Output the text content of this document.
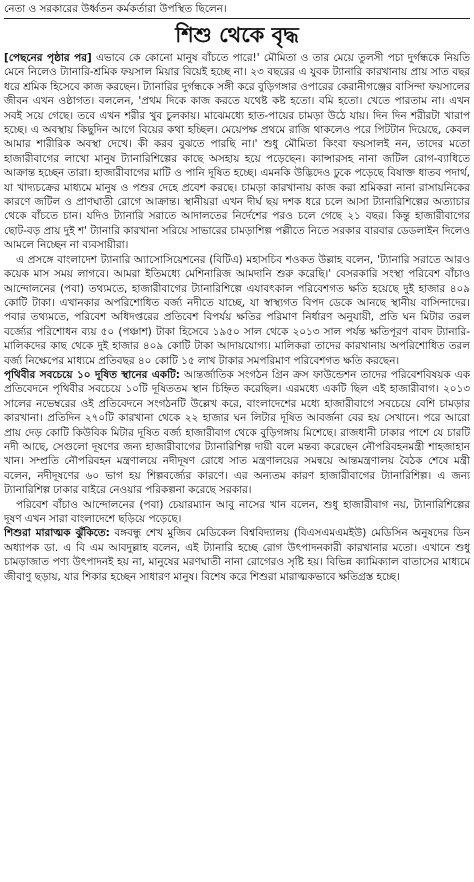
নেতা ও সরকারের উর্ধ্বতন কর্মকর্তারা উপস্থিত ছিলেন।

শিশু থেকে বৃদ্ধ

[পেছনের পৃষ্ঠার পর] এভাবে কে কোনো মানুষ বাঁচতে পারে!' মৌমিতা ও তার মেয়ে তুলসী পচা দুর্গন্ধকে নিয়তি মেনে নিলেও ট্যানারি-শ্রমিক ফয়সাল মিয়ার বিয়েই হচ্ছে না। ২৩ বছরের এ যুবক ট্যানারি কারখানায় প্রায় সাত বছর ধরে শ্রমিক হিসেবে কাজ করছেন। ট্যানারির দুর্গন্ধকে সঙ্গী করে বুড়িগঙ্গার ওপারের কেরানীগঞ্জের বাসিন্দা ফয়সালের জীবন এখন ওষ্ঠাগত। বললেন, 'প্রথম দিকে কাজ করতে যথেষ্ট কষ্ট হতো। বমি হতো। খেতে পারতাম না। এখন সবই সয়ে গেছে। তবে এখন শরীর খুব চুলকায়। মাঝেমধ্যে হাত-পায়ের চামড়া উঠে যায়। দিন দিন শরীরটা খারাপ হচ্ছে। এ অবস্থায় কিছুদিন আগে বিয়ের কথা হচ্ছিল। মেয়েপক্ষ প্রথমে রাজি থাকলেও পরে পিটটান দিয়েছে, কেবল আমার শারীরিক অবস্থা দেখে। কী করব বুঝতে পারছি না।' শুধু মৌমিতা কিংবা ফয়সালই নন, তাদের মতো হাজারীবাগের লাখো মানুষ ট্যানারিশিল্পের কাছে অসহায় হয়ে পড়েছেন। ক্যান্সারসহ নানা জটিল রোগ-ব্যাধিতে আক্রান্ত হচ্ছেন তারা। হাজারীবাগের মাটি ও পানি দূষিত হচ্ছে। এমনকি উদ্ভিদেও ঢুকে পড়েছে বিষাক্ত ধাতব পদার্থ, যা খাদ্যচক্রের মাধ্যমে মানুষ ও পশুর দেহে প্রবেশ করছে। চামড়া কারখানায় কাজ করা শ্রমিকরা নানা রাসায়নিকের কারণে জটিল ও প্রাণঘাতী রোগে আক্রান্ত। স্থানীয়রা এখন দীর্ঘ ছয় দশক ধরে চলে আসা ট্যানারিশিল্পের অত্যাচার থেকে বাঁচতে চান। যদিও ট্যানারি সরাতে আদালতের নির্দেশের পরও চলে গেছে ২১ বছর। কিন্তু হাজারীবাগের ছোট-বড় প্রায় দুই শ' ট্যানারি কারখানা সরিয়ে সাভারের চামড়াশিল্প পল্লীতে নিতে সরকার বারবার ডেডলাইন দিলেও আমলে নিচ্ছেন না ব্যবসায়ীরা।

এ প্রসঙ্গে বাংলাদেশ ট্যানারি অ্যাসোসিয়েশনের (বিটিএ) মহাসচিব শওকত উল্লাহ বলেন, 'ট্যানারি সরাতে আরও কয়েক মাস সময় লাগবে। আমরা ইতিমধ্যে মেশিনারিজ আমদানি শুরু করেছি।' বেসরকারি সংস্থা পরিবেশ বাঁচাও আন্দোলনের (পবা) তথ্যমতে, হাজারীবাগের ট্যানারিশিল্পে এযাবৎকাল পরিবেশগত ক্ষতি হয়েছে দুই হাজার ৪০৯ কোটি টাকা। এখানকার অপরিশোধিত বর্জ্য নদীতে যাচ্ছে, যা স্বাস্থ্যগত বিপদ ডেকে আনছে স্থানীয় বাসিন্দাদের। পবার তথ্যমতে, পরিবেশ অধিদপ্তরের প্রতিবেশ বিপর্যয় ক্ষতির পরিমাণ নির্ধারণ অনুযায়ী, প্রতি ঘন মিটার তরল বর্জ্যের পরিশোধন ব্যয় ৫০ (পঞ্চাশ) টাকা হিসেবে ১৯৫০ সাল থেকে ২০১৩ সাল পর্যন্ত ক্ষতিপূরণ বাবদ ট্যানারি-মালিকদের কাছ থেকে দুই হাজার ৪০৯ কোটি টাকা আদায়যোগ্য। মালিকরা তাদের কারখানায় অপরিশোধিত তরল বর্জ্য নিক্ষেপের মাধ্যমে প্রতিবছর ৪০ কোটি ১৫ লাখ টাকার সমপরিমাণ পরিবেশগত ক্ষতি করছেন।

পৃথিবীর সবচেয়ে ১০ দূষিত স্থানের একটি: আন্তর্জাতিক সংগঠন গ্রিন ক্রস ফাউন্ডেশন তাদের পরিবেশবিষয়ক এক প্রতিবেদনে পৃথিবীর সবচেয়ে ১০টি দূষিততম স্থান চিহ্নিত করেছিল। এরমধ্যে একটি ছিল এই হাজারীবাগ। ২০১৩ সালের নভেম্বরের ওই প্রতিবেদনে সংগঠনটি উল্লেখ করে, বাংলাদেশের মধ্যে হাজারীবাগে সবচেয়ে বেশি চামড়ার কারখানা। প্রতিদিন ২৭০টি কারখানা থেকে ২২ হাজার ঘন লিটার দূষিত আবর্জনা বের হয় সেখানে। পরে আরো প্রায় দেড় কোটি কিউবিক মিটার দূষিত বর্জ্য হাজারীবাগ থেকে বুড়িগঙ্গায় মিশেছে। রাজধানী ঢাকার পাশে যে চারটি নদী আছে, সেগুলো দূষণের জন্য হাজারীবাগের ট্যানারিশিল্প দায়ী বলে মন্তব্য করেছেন নৌপরিবহনমন্ত্রী শাহজাহান খান। সম্প্রতি নৌপরিবহন মন্ত্রণালয়ে নদীদূষণ রোধে সাত মন্ত্রণালয়ের সমন্বয়ে আন্তমন্ত্রণালয় বৈঠক শেষে মন্ত্রী বলেন, নদীদূষণের ৬০ ভাগ হয় শিল্পবর্জ্যের কারণে। এর অন্যতম কারণ হাজারীবাগের ট্যানারিশিল্প। এ জন্য ট্যানারিশিল্প ঢাকার বাইরে নেওয়ার পরিকল্পনা করেছে সরকার।

পরিবেশ বাঁচাও আন্দোলনের (পবা) চেয়ারম্যান আবু নাসের খান বলেন, শুধু হাজারীবাগ নয়, ট্যানারিশিল্পের দূষণ এখন সারা বাংলাদেশে ছড়িয়ে পড়েছে।

শিশুরা মারাত্মক ঝুঁকিতে: বঙ্গবন্ধু শেখ মুজিব মেডিকেল বিশ্ববিদ্যালয় (বিএসএমএমইউ) মেডিসিন অনুষদের ডিন অধ্যাপক ডা. এ বি এম আবদুল্লাহ বলেন, এই ট্যানারি হচ্ছে রোগ উৎপাদনকারী কারখানার মতো। এখানে শুধু চামড়াজাত পণ্য উৎপাদনই হয় না, মানুষের মরণঘাতী নানা রোগেরও সৃষ্টি হয়। বিভিন্ন ক্যামিক্যাল বাতাসের মাধ্যমে জীবাণু ছড়ায়, যার শিকার হচ্ছেন সাধারণ মানুষ। বিশেষ করে শিশুরা মারাত্মকভাবে ক্ষতিগ্রস্ত হচ্ছে।
